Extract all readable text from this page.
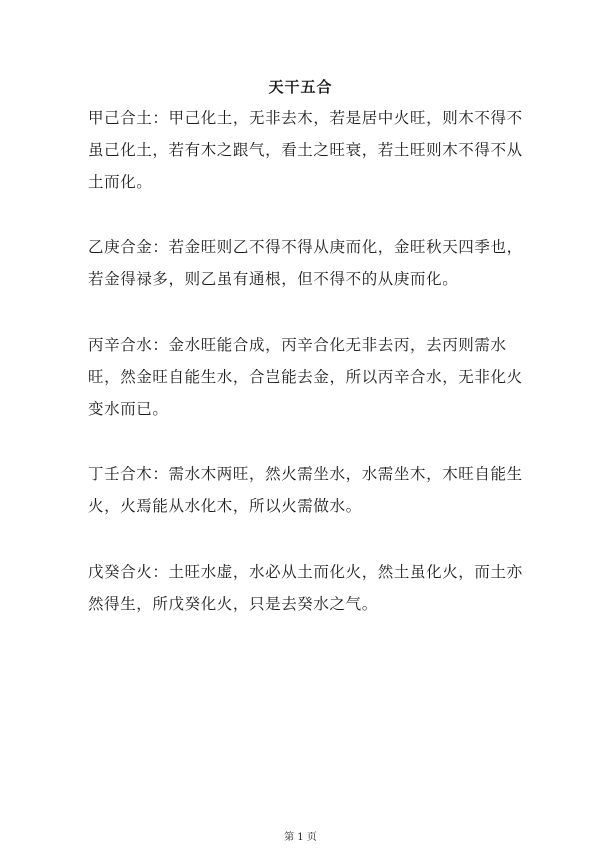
天干五合

甲己合土：甲己化土，无非去木，若是居中火旺，则木不得不虽己化土，若有木之跟气，看土之旺衰，若土旺则木不得不从土而化。

乙庚合金：若金旺则乙不得不得从庚而化，金旺秋天四季也，若金得禄多，则乙虽有通根，但不得不的从庚而化。

丙辛合水：金水旺能合成，丙辛合化无非去丙，去丙则需水旺，然金旺自能生水，合岂能去金，所以丙辛合水，无非化火变水而已。

丁壬合木：需水木两旺，然火需坐水，水需坐木，木旺自能生火，火焉能从水化木，所以火需做水。

戊癸合火：土旺水虚，水必从土而化火，然土虽化火，而土亦然得生，所戊癸化火，只是去癸水之气。

第 1 页
